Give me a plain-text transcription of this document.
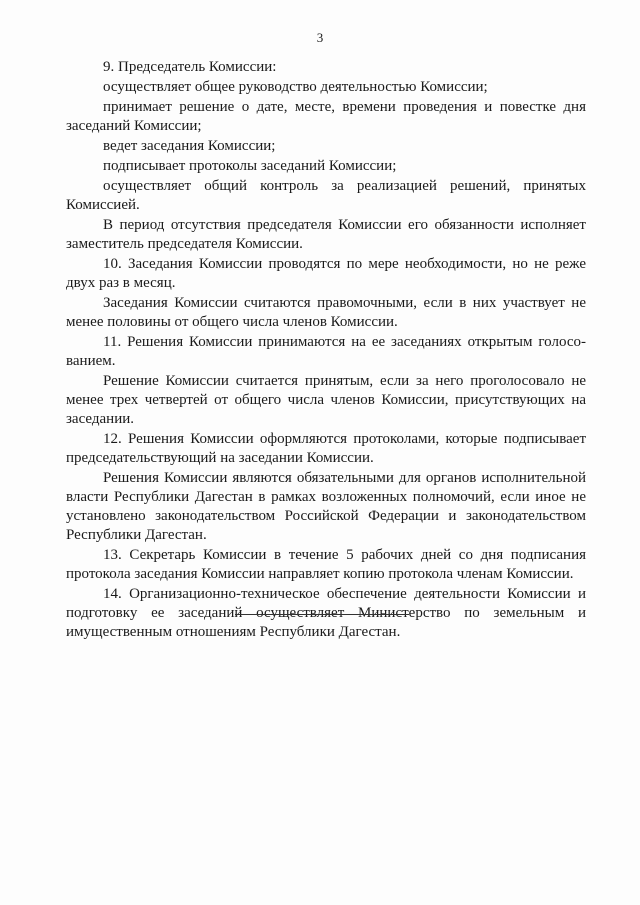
3

9. Председатель Комиссии:

осуществляет общее руководство деятельностью Комиссии;

принимает решение о дате, месте, времени проведения и повестке дня заседаний Комиссии;

ведет заседания Комиссии;

подписывает протоколы заседаний Комиссии;

осуществляет общий контроль за реализацией решений, принятых Комиссией.

В период отсутствия председателя Комиссии его обязанности исполняет заместитель председателя Комиссии.

10. Заседания Комиссии проводятся по мере необходимости, но не реже двух раз в месяц.

Заседания Комиссии считаются правомочными, если в них участвует не менее половины от общего числа членов Комиссии.

11. Решения Комиссии принимаются на ее заседаниях открытым голосо-ванием.

Решение Комиссии считается принятым, если за него проголосовало не менее трех четвертей от общего числа членов Комиссии, присутствующих на заседании.

12. Решения Комиссии оформляются протоколами, которые подписывает председательствующий на заседании Комиссии.

Решения Комиссии являются обязательными для органов исполнительной власти Республики Дагестан в рамках возложенных полномочий, если иное не установлено законодательством Российской Федерации и законодательством Республики Дагестан.

13. Секретарь Комиссии в течение 5 рабочих дней со дня подписания протокола заседания Комиссии направляет копию протокола членам Комиссии.

14. Организационно-техническое обеспечение деятельности Комиссии и подготовку ее заседаний осуществляет Министерство по земельным и имущественным отношениям Республики Дагестан.
